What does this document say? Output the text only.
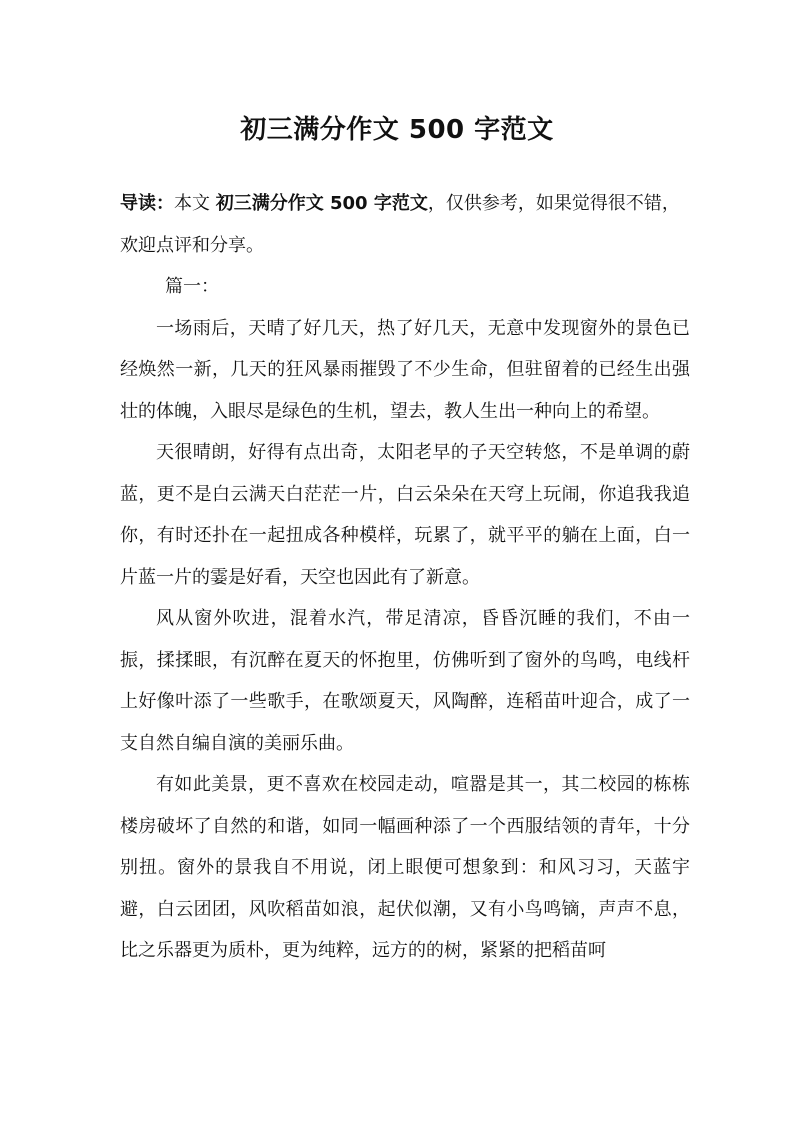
初三满分作文 500 字范文

导读：本文 初三满分作文 500 字范文，仅供参考，如果觉得很不错，欢迎点评和分享。

篇一：

一场雨后，天晴了好几天，热了好几天，无意中发现窗外的景色已经焕然一新，几天的狂风暴雨摧毁了不少生命，但驻留着的已经生出强壮的体魄，入眼尽是绿色的生机，望去，教人生出一种向上的希望。

天很晴朗，好得有点出奇，太阳老早的子天空转悠，不是单调的蔚蓝，更不是白云满天白茫茫一片，白云朵朵在天穹上玩闹，你追我我追你，有时还扑在一起扭成各种模样，玩累了，就平平的躺在上面，白一片蓝一片的霎是好看，天空也因此有了新意。

风从窗外吹进，混着水汽，带足清凉，昏昏沉睡的我们，不由一振，揉揉眼，有沉醉在夏天的怀抱里，仿佛听到了窗外的鸟鸣，电线杆上好像叶添了一些歌手，在歌颂夏天，风陶醉，连稻苗叶迎合，成了一支自然自编自演的美丽乐曲。

有如此美景，更不喜欢在校园走动，喧嚣是其一，其二校园的栋栋楼房破坏了自然的和谐，如同一幅画种添了一个西服结领的青年，十分别扭。窗外的景我自不用说，闭上眼便可想象到：和风习习，天蓝宇避，白云团团，风吹稻苗如浪，起伏似潮，又有小鸟鸣镝，声声不息，比之乐器更为质朴，更为纯粹，远方的的树，紧紧的把稻苗呵
